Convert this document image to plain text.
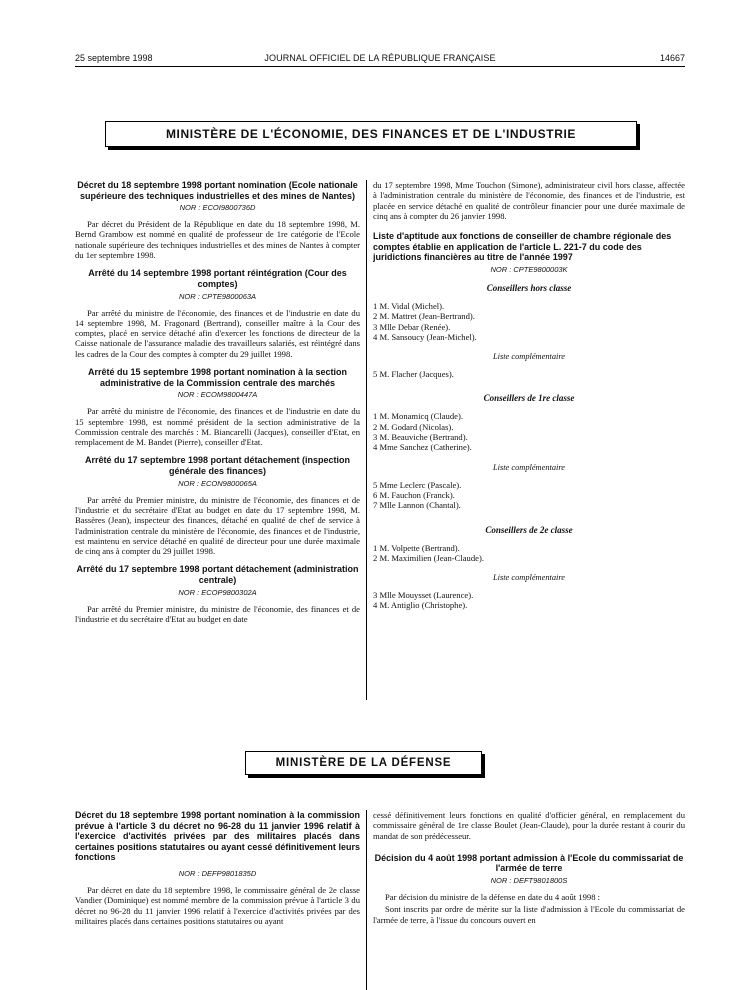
25 septembre 1998	JOURNAL OFFICIEL DE LA RÉPUBLIQUE FRANÇAISE	14667
MINISTÈRE DE L'ÉCONOMIE, DES FINANCES ET DE L'INDUSTRIE
Décret du 18 septembre 1998 portant nomination (Ecole nationale supérieure des techniques industrielles et des mines de Nantes)
NOR : ECOI9800736D

Par décret du Président de la République en date du 18 septembre 1998, M. Bernd Grambow est nommé en qualité de professeur de 1re catégorie de l'Ecole nationale supérieure des techniques industrielles et des mines de Nantes à compter du 1er septembre 1998.

Arrêté du 14 septembre 1998 portant réintégration (Cour des comptes)
NOR : CPTE9800063A

Par arrêté du ministre de l'économie, des finances et de l'industrie en date du 14 septembre 1998, M. Fragonard (Bertrand), conseiller maître à la Cour des comptes, placé en service détaché afin d'exercer les fonctions de directeur de la Caisse nationale de l'assurance maladie des travailleurs salariés, est réintégré dans les cadres de la Cour des comptes à compter du 29 juillet 1998.

Arrêté du 15 septembre 1998 portant nomination à la section administrative de la Commission centrale des marchés
NOR : ECOM9800447A

Par arrêté du ministre de l'économie, des finances et de l'industrie en date du 15 septembre 1998, est nommé président de la section administrative de la Commission centrale des marchés : M. Biancarelli (Jacques), conseiller d'Etat, en remplacement de M. Bandet (Pierre), conseiller d'Etat.

Arrêté du 17 septembre 1998 portant détachement (inspection générale des finances)
NOR : ECON9800065A

Par arrêté du Premier ministre, du ministre de l'économie, des finances et de l'industrie et du secrétaire d'Etat au budget en date du 17 septembre 1998, M. Bassères (Jean), inspecteur des finances, détaché en qualité de chef de service à l'administration centrale du ministère de l'économie, des finances et de l'industrie, est maintenu en service détaché en qualité de directeur pour une durée maximale de cinq ans à compter du 29 juillet 1998.

Arrêté du 17 septembre 1998 portant détachement (administration centrale)
NOR : ECOP9800302A

Par arrêté du Premier ministre, du ministre de l'économie, des finances et de l'industrie et du secrétaire d'Etat au budget en date

du 17 septembre 1998, Mme Touchon (Simone), administrateur civil hors classe, affectée à l'administration centrale du ministère de l'économie, des finances et de l'industrie, est placée en service détaché en qualité de contrôleur financier pour une durée maximale de cinq ans à compter du 26 janvier 1998.

Liste d'aptitude aux fonctions de conseiller de chambre régionale des comptes établie en application de l'article L. 221-7 du code des juridictions financières au titre de l'année 1997
NOR : CPTE9800003K
Conseillers hors classe
1 M. Vidal (Michel).
2 M. Mattret (Jean-Bertrand).
3 Mlle Debar (Renée).
4 M. Sansoucy (Jean-Michel).
Liste complémentaire
5 M. Flacher (Jacques).
Conseillers de 1re classe
1 M. Monamicq (Claude).
2 M. Godard (Nicolas).
3 M. Beauviche (Bertrand).
4 Mme Sanchez (Catherine).
Liste complémentaire
5 Mme Leclerc (Pascale).
6 M. Fauchon (Franck).
7 Mlle Lannon (Chantal).
Conseillers de 2e classe
1 M. Volpette (Bertrand).
2 M. Maximilien (Jean-Claude).
Liste complémentaire
3 Mlle Mouysset (Laurence).
4 M. Antiglio (Christophe).
MINISTÈRE DE LA DÉFENSE
Décret du 18 septembre 1998 portant nomination à la commission prévue à l'article 3 du décret no 96-28 du 11 janvier 1996 relatif à l'exercice d'activités privées par des militaires placés dans certaines positions statutaires ou ayant cessé définitivement leurs fonctions
NOR : DEFP9801835D

Par décret en date du 18 septembre 1998, le commissaire général de 2e classe Vandier (Dominique) est nommé membre de la commission prévue à l'article 3 du décret no 96-28 du 11 janvier 1996 relatif à l'exercice d'activités privées par des militaires placés dans certaines positions statutaires ou ayant

cessé définitivement leurs fonctions en qualité d'officier général, en remplacement du commissaire général de 1re classe Boulet (Jean-Claude), pour la durée restant à courir du mandat de son prédécesseur.

Décision du 4 août 1998 portant admission à l'Ecole du commissariat de l'armée de terre
NOR : DEFT9801800S

Par décision du ministre de la défense en date du 4 août 1998 :

Sont inscrits par ordre de mérite sur la liste d'admission à l'Ecole du commissariat de l'armée de terre, à l'issue du concours ouvert en
